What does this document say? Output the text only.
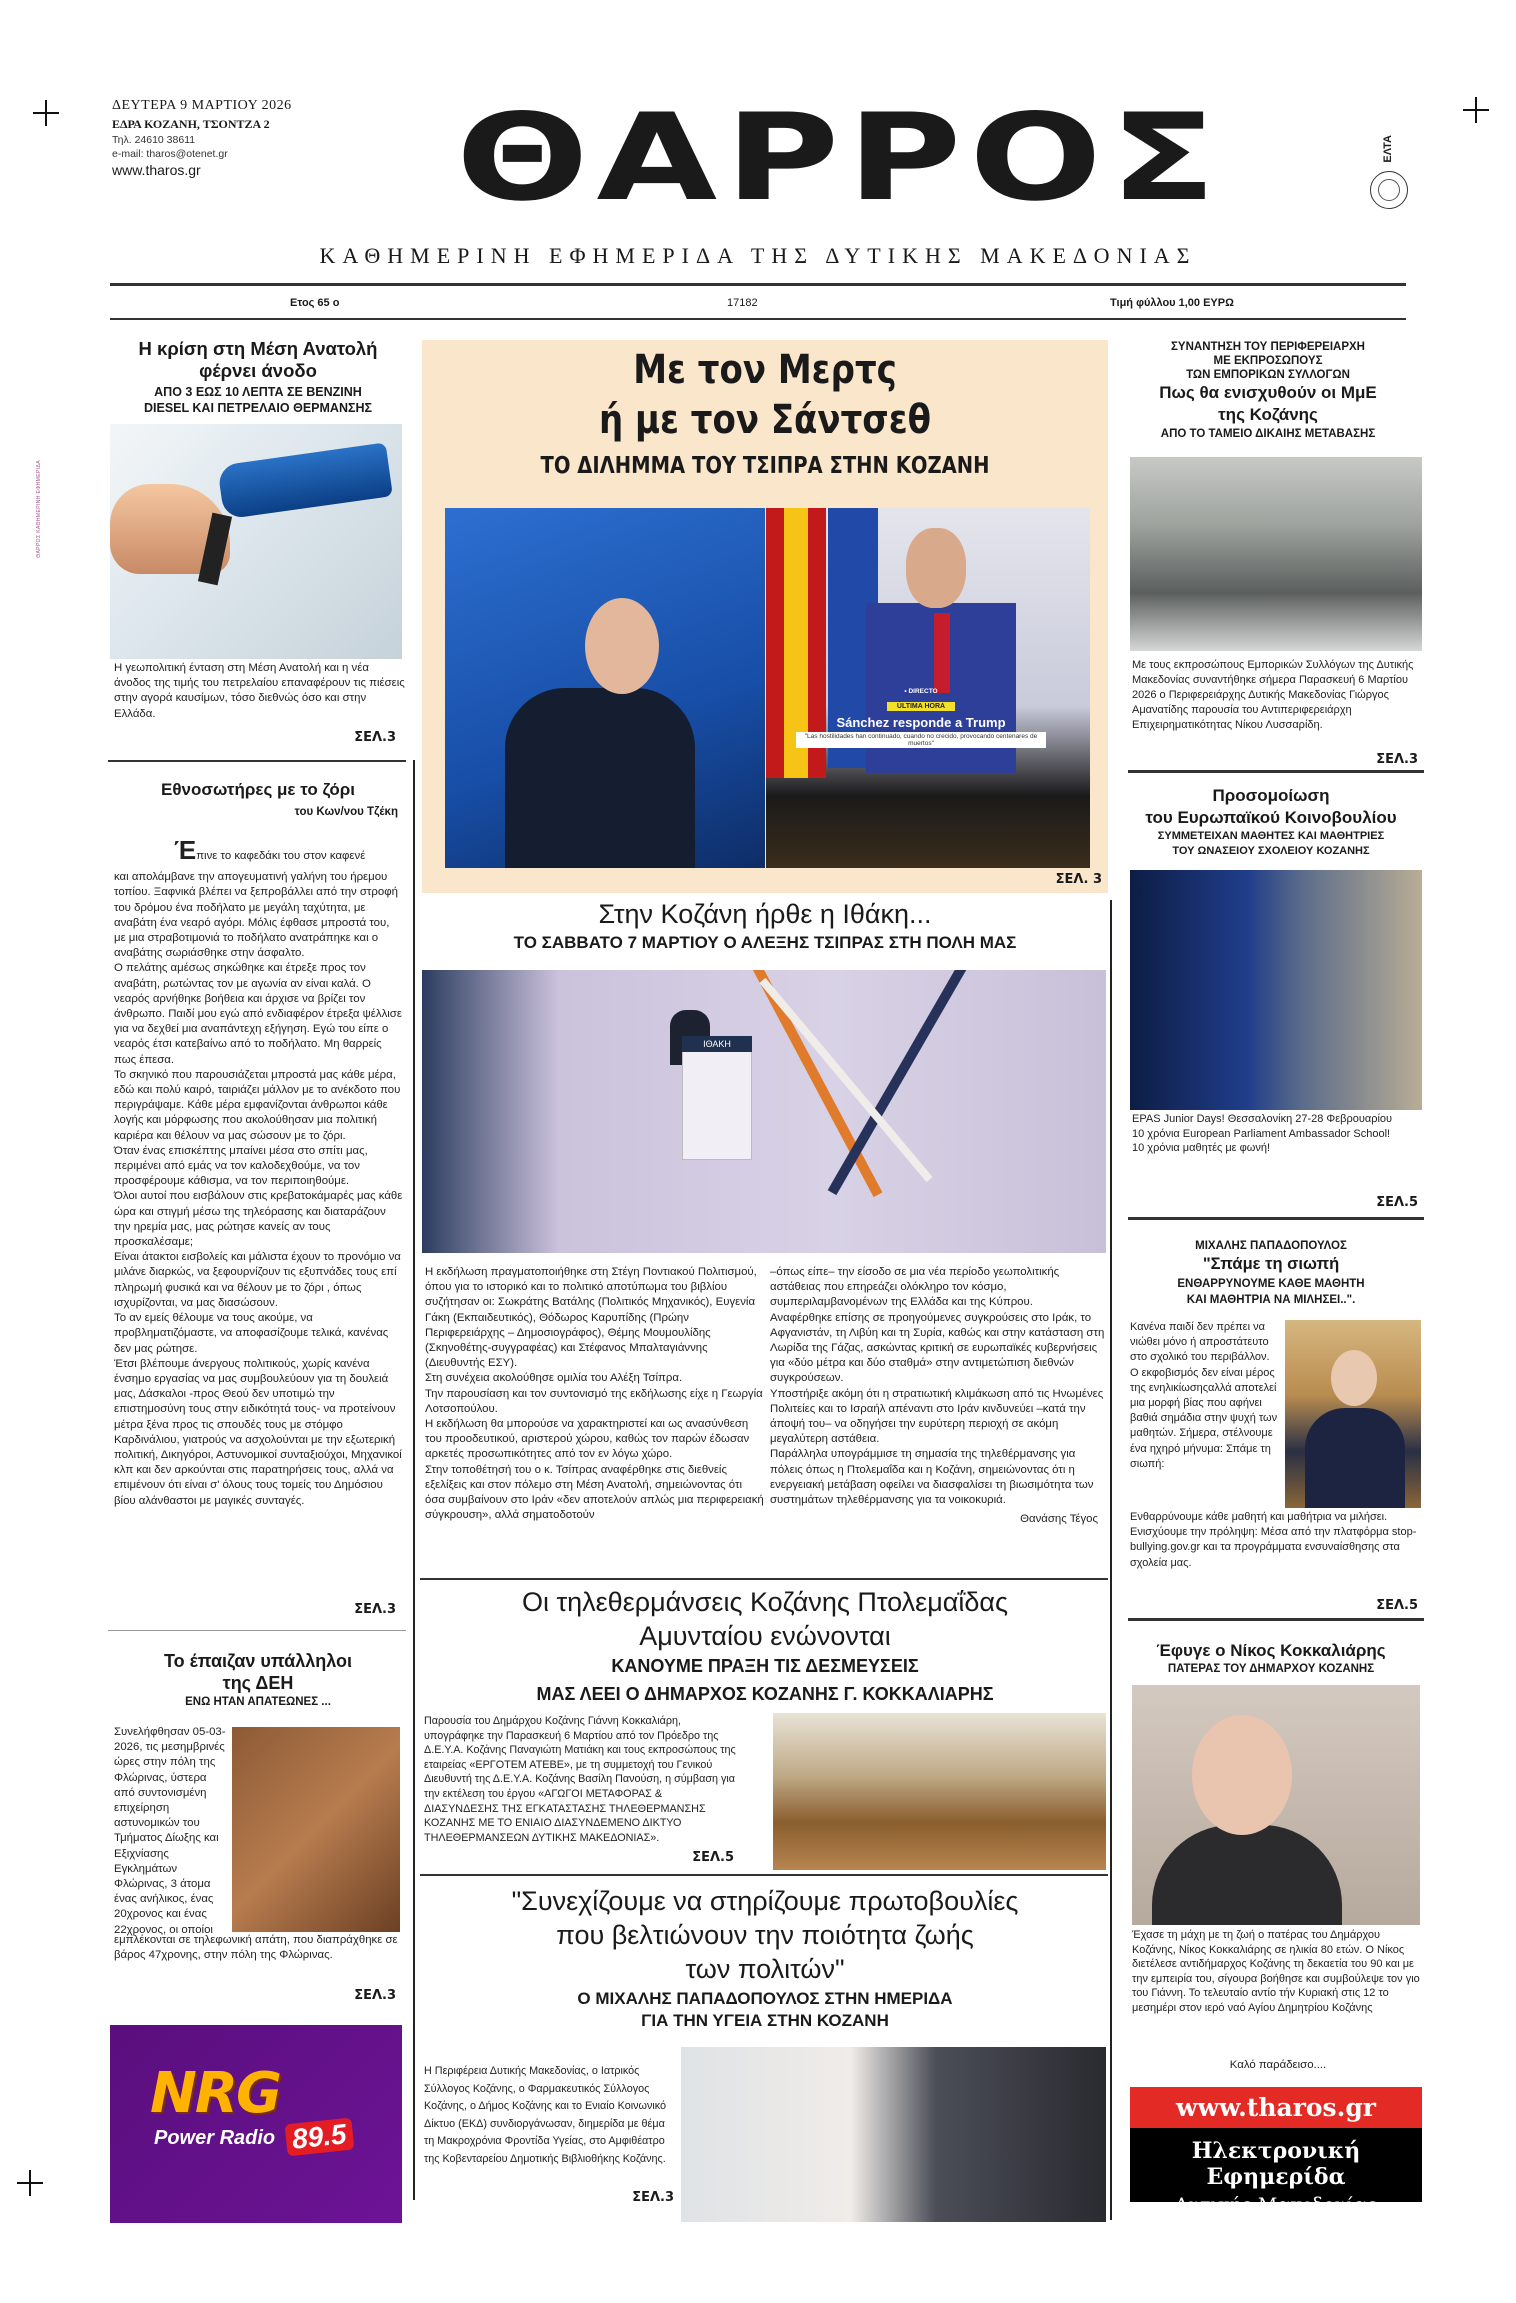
ΘΑΡΡΟΣ ΚΑΘΗΜΕΡΙΝΗ ΕΦΗΜΕΡΙΔΑ
ΔΕΥΤΕΡΑ 9 ΜΑΡΤΙΟΥ 2026
ΕΔΡΑ ΚΟΖΑΝΗ, ΤΣΟΝΤΖΑ 2
Τηλ. 24610 38611
e-mail: tharos@otenet.gr
www.tharos.gr	ΘΑΡΡΟΣ	ΕΛΤΑ
ΚΑΘΗΜΕΡΙΝΗ ΕΦΗΜΕΡΙΔΑ ΤΗΣ ΔΥΤΙΚΗΣ ΜΑΚΕΔΟΝΙΑΣ
Ετος 65 ο	17182	Τιμή φύλλου 1,00 ΕΥΡΩ
Η κρίση στη Μέση Ανατολή φέρνει άνοδο
ΑΠΟ 3 ΕΩΣ 10 ΛΕΠΤΑ ΣΕ ΒΕΝΖΙΝΗ
DIESEL ΚΑΙ ΠΕΤΡΕΛΑΙΟ ΘΕΡΜΑΝΣΗΣ
Η γεωπολιτική ένταση στη Μέση Ανατολή και η νέα άνοδος της τιμής του πετρελαίου επαναφέρουν τις πιέσεις στην αγορά καυσίμων, τόσο διεθνώς όσο και στην Ελλάδα.
ΣΕΛ.3
Εθνοσωτήρες με το ζόρι
του Κων/νου Τζέκη
Έπινε το καφεδάκι του στον καφενέ
και απολάμβανε την απογευματινή γαλήνη του ήρεμου τοπίου. Ξαφνικά βλέπει να ξεπροβάλλει από την στροφή του δρόμου ένα ποδήλατο με μεγάλη ταχύτητα, με αναβάτη ένα νεαρό αγόρι. Μόλις έφθασε μπροστά του, με μια στραβοτιμονιά το ποδήλατο ανατράπηκε και ο αναβάτης σωριάσθηκε στην άσφαλτο.
Ο πελάτης αμέσως σηκώθηκε και έτρεξε προς τον αναβάτη, ρωτώντας τον με αγωνία αν είναι καλά. Ο νεαρός αρνήθηκε βοήθεια και άρχισε να βρίζει τον άνθρωπο. Παιδί μου εγώ από ενδιαφέρον έτρεξα ψέλλισε για να δεχθεί μια αναπάντεχη εξήγηση. Εγώ του είπε ο νεαρός έτσι κατεβαίνω από το ποδήλατο. Μη θαρρείς πως έπεσα.
Το σκηνικό που παρουσιάζεται μπροστά μας κάθε μέρα, εδώ και πολύ καιρό, ταιριάζει μάλλον με το ανέκδοτο που περιγράψαμε. Κάθε μέρα εμφανίζονται άνθρωποι κάθε λογής και μόρφωσης που ακολούθησαν μια πολιτική καριέρα και θέλουν να μας σώσουν με το ζόρι.
Όταν ένας επισκέπτης μπαίνει μέσα στο σπίτι μας, περιμένει από εμάς να τον καλοδεχθούμε, να τον προσφέρουμε κάθισμα, να τον περιποιηθούμε.
Όλοι αυτοί που εισβάλουν στις κρεβατοκάμαρές μας κάθε ώρα και στιγμή μέσω της τηλεόρασης και διαταράζουν την ηρεμία μας, μας ρώτησε κανείς αν τους προσκαλέσαμε;
Είναι άτακτοι εισβολείς και μάλιστα έχουν το προνόμιο να μιλάνε διαρκώς, να ξεφουρνίζουν τις εξυπνάδες τους επί πληρωμή φυσικά και να θέλουν με το ζόρι , όπως ισχυρίζονται, να μας διασώσουν.
Το αν εμείς θέλουμε να τους ακούμε, να προβληματιζόμαστε, να αποφασίζουμε τελικά, κανένας δεν μας ρώτησε.
Έτσι βλέπουμε άνεργους πολιτικούς, χωρίς κανένα ένσημο εργασίας να μας συμβουλεύουν για τη δουλειά μας, Δάσκαλοι -προς Θεού δεν υποτιμώ την επιστημοσύνη τους στην ειδικότητά τους- να προτείνουν μέτρα ξένα προς τις σπουδές τους με στόμφο Καρδινάλιου, γιατρούς να ασχολούνται με την εξωτερική πολιτική, Δικηγόροι, Αστυνομικοί συνταξιούχοι, Μηχανικοί κλπ και δεν αρκούνται στις παρατηρήσεις τους, αλλά να επιμένουν ότι είναι σ' όλους τους τομείς του Δημόσιου βίου αλάνθαστοι με μαγικές συνταγές.
ΣΕΛ.3
Το έπαιζαν υπάλληλοι
της ΔΕΗ
ΕΝΩ ΗΤΑΝ ΑΠΑΤΕΩΝΕΣ ...
Συνελήφθησαν 05-03-2026, τις μεσημβρινές ώρες στην πόλη της Φλώρινας, ύστερα από συντονισμένη επιχείρηση αστυνομικών του Τμήματος Δίωξης και Εξιχνίασης Εγκλημάτων Φλώρινας, 3 άτομα ένας ανήλικος, ένας 20χρονος και ένας 22χρονος, οι οποίοι
εμπλέκονται σε τηλεφωνική απάτη, που διαπράχθηκε σε βάρος 47χρονης, στην πόλη της Φλώρινας.
ΣΕΛ.3
NRG
Power Radio 89.5
Με τον Μερτς
ή με τον Σάντσεθ
ΤΟ ΔΙΛΗΜΜΑ ΤΟΥ ΤΣΙΠΡΑ ΣΤΗΝ ΚΟΖΑΝΗ
• DIRECTO
ÚLTIMA HORA
Sánchez responde a Trump
"Las hostilidades han continuado, cuando no crecido, provocando centenares de muertos"
ΣΕΛ. 3
Στην Κοζάνη ήρθε η Ιθάκη...
ΤΟ ΣΑΒΒΑΤΟ 7 ΜΑΡΤΙΟΥ Ο ΑΛΕΞΗΣ ΤΣΙΠΡΑΣ ΣΤΗ ΠΟΛΗ ΜΑΣ
ΙΘΑΚΗ
Η εκδήλωση πραγματοποιήθηκε στη Στέγη Ποντιακού Πολιτισμού, όπου για το ιστορικό και το πολιτικό αποτύπωμα του βιβλίου συζήτησαν οι: Σωκράτης Βατάλης (Πολιτικός Μηχανικός), Ευγενία Γάκη (Εκπαιδευτικός), Θόδωρος Καρυπίδης (Πρώην Περιφερειάρχης – Δημοσιογράφος), Θέμης Μουμουλίδης (Σκηνοθέτης-συγγραφέας) και Στέφανος Μπαλταγιάννης (Διευθυντής ΕΣΥ).
Στη συνέχεια ακολούθησε ομιλία του Αλέξη Τσίπρα.
Την παρουσίαση και τον συντονισμό της εκδήλωσης είχε η Γεωργία Λοτσοπούλου.
Η εκδήλωση θα μπορούσε να χαρακτηριστεί και ως ανασύνθεση του προοδευτικού, αριστερού χώρου, καθώς τον παρών έδωσαν αρκετές προσωπικότητες από τον εν λόγω χώρο.
Στην τοποθέτησή του ο κ. Τσίπρας αναφέρθηκε στις διεθνείς εξελίξεις και στον πόλεμο στη Μέση Ανατολή, σημειώνοντας ότι όσα συμβαίνουν στο Ιράν «δεν αποτελούν απλώς μια περιφερειακή σύγκρουση», αλλά σηματοδοτούν
–όπως είπε– την είσοδο σε μια νέα περίοδο γεωπολιτικής αστάθειας που επηρεάζει ολόκληρο τον κόσμο, συμπεριλαμβανομένων της Ελλάδα και της Κύπρου.
Αναφέρθηκε επίσης σε προηγούμενες συγκρούσεις στο Ιράκ, το Αφγανιστάν, τη Λιβύη και τη Συρία, καθώς και στην κατάσταση στη Λωρίδα της Γάζας, ασκώντας κριτική σε ευρωπαϊκές κυβερνήσεις για «δύο μέτρα και δύο σταθμά» στην αντιμετώπιση διεθνών συγκρούσεων.
Υποστήριξε ακόμη ότι η στρατιωτική κλιμάκωση από τις Ηνωμένες Πολιτείες και το Ισραήλ απέναντι στο Ιράν κινδυνεύει –κατά την άποψή του– να οδηγήσει την ευρύτερη περιοχή σε ακόμη μεγαλύτερη αστάθεια.
Παράλληλα υπογράμμισε τη σημασία της τηλεθέρμανσης για πόλεις όπως η Πτολεμαΐδα και η Κοζάνη, σημειώνοντας ότι η ενεργειακή μετάβαση οφείλει να διασφαλίσει τη βιωσιμότητα των συστημάτων τηλεθέρμανσης για τα νοικοκυριά.
Θανάσης Τέγος
Οι τηλεθερμάνσεις Κοζάνης Πτολεμαΐδας
Αμυνταίου ενώνονται
ΚΑΝΟΥΜΕ ΠΡΑΞΗ ΤΙΣ ΔΕΣΜΕΥΣΕΙΣ
ΜΑΣ ΛΕΕΙ Ο ΔΗΜΑΡΧΟΣ ΚΟΖΑΝΗΣ Γ. ΚΟΚΚΑΛΙΑΡΗΣ
Παρουσία του Δημάρχου Κοζάνης Γιάννη Κοκκαλιάρη, υπογράφηκε την Παρασκευή 6 Μαρτίου από τον Πρόεδρο της Δ.Ε.Υ.Α. Κοζάνης Παναγιώτη Ματιάκη και τους εκπροσώπους της εταιρείας «ΕΡΓΟΤΕΜ ΑΤΕΒΕ», με τη συμμετοχή του Γενικού Διευθυντή της Δ.Ε.Υ.Α. Κοζάνης Βασίλη Πανούση, η σύμβαση για την εκτέλεση του έργου «ΑΓΩΓΟΙ ΜΕΤΑΦΟΡΑΣ & ΔΙΑΣΥΝΔΕΣΗΣ ΤΗΣ ΕΓΚΑΤΑΣΤΑΣΗΣ ΤΗΛΕΘΕΡΜΑΝΣΗΣ ΚΟΖΑΝΗΣ ΜΕ ΤΟ ΕΝΙΑΙΟ ΔΙΑΣΥΝΔΕΜΕΝΟ ΔΙΚΤΥΟ ΤΗΛΕΘΕΡΜΑΝΣΕΩΝ ΔΥΤΙΚΗΣ ΜΑΚΕΔΟΝΙΑΣ».
ΣΕΛ.5
"Συνεχίζουμε να στηρίζουμε πρωτοβουλίες
που βελτιώνουν την ποιότητα ζωής
των πολιτών"
Ο ΜΙΧΑΛΗΣ ΠΑΠΑΔΟΠΟΥΛΟΣ ΣΤΗΝ ΗΜΕΡΙΔΑ
ΓΙΑ ΤΗΝ ΥΓΕΙΑ ΣΤΗΝ ΚΟΖΑΝΗ
Η Περιφέρεια Δυτικής Μακεδονίας, ο Ιατρικός Σύλλογος Κοζάνης, ο Φαρμακευτικός Σύλλογος Κοζάνης, ο Δήμος Κοζάνης και το Ενιαίο Κοινωνικό Δίκτυο (ΕΚΔ) συνδιοργάνωσαν, διημερίδα με θέμα τη Μακροχρόνια Φροντίδα Υγείας, στο Αμφιθέατρο της Κοβενταρείου Δημοτικής Βιβλιοθήκης Κοζάνης.
ΣΕΛ.3
ΣΥΝΑΝΤΗΣΗ ΤΟΥ ΠΕΡΙΦΕΡΕΙΑΡΧΗ
ΜΕ ΕΚΠΡΟΣΩΠΟΥΣ
ΤΩΝ ΕΜΠΟΡΙΚΩΝ ΣΥΛΛΟΓΩΝ
Πως θα ενισχυθούν οι ΜμΕ
της Κοζάνης
ΑΠΟ ΤΟ ΤΑΜΕΙΟ ΔΙΚΑΙΗΣ ΜΕΤΑΒΑΣΗΣ
Με τους εκπροσώπους Εμπορικών Συλλόγων της Δυτικής Μακεδονίας συναντήθηκε σήμερα Παρασκευή 6 Μαρτίου 2026 ο Περιφερειάρχης Δυτικής Μακεδονίας Γιώργος Αμανατίδης παρουσία του Αντιπεριφερειάρχη Επιχειρηματικότητας Νίκου Λυσσαρίδη.
ΣΕΛ.3
Προσομοίωση
του Ευρωπαϊκού Κοινοβουλίου
ΣΥΜΜΕΤΕΙΧΑΝ ΜΑΘΗΤΕΣ ΚΑΙ ΜΑΘΗΤΡΙΕΣ
ΤΟΥ ΩΝΑΣΕΙΟΥ ΣΧΟΛΕΙΟΥ ΚΟΖΑΝΗΣ
EPAS Junior Days! Θεσσαλονίκη 27-28 Φεβρουαρίου
10 χρόνια European Parliament Ambassador School!
10 χρόνια μαθητές με φωνή!
ΣΕΛ.5
ΜΙΧΑΛΗΣ ΠΑΠΑΔΟΠΟΥΛΟΣ
"Σπάμε τη σιωπή
ΕΝΘΑΡΡΥΝΟΥΜΕ ΚΑΘΕ ΜΑΘΗΤΗ
ΚΑΙ ΜΑΘΗΤΡΙΑ ΝΑ ΜΙΛΗΣΕΙ..".
Κανένα παιδί δεν πρέπει να νιώθει μόνο ή απροστάτευτο στο σχολικό του περιβάλλον. Ο εκφοβισμός δεν είναι μέρος της ενηλικίωσηςαλλά αποτελεί μια μορφή βίας που αφήνει βαθιά σημάδια στην ψυχή των μαθητών. Σήμερα, στέλνουμε ένα ηχηρό μήνυμα: Σπάμε τη σιωπή:
Ενθαρρύνουμε κάθε μαθητή και μαθήτρια να μιλήσει. Ενισχύουμε την πρόληψη: Μέσα από την πλατφόρμα stop-bullying.gov.gr και τα προγράμματα ενσυναίσθησης στα σχολεία μας.
ΣΕΛ.5
Έφυγε ο Νίκος Κοκκαλιάρης
ΠΑΤΕΡΑΣ ΤΟΥ ΔΗΜΑΡΧΟΥ ΚΟΖΑΝΗΣ
Έχασε τη μάχη με τη ζωή ο πατέρας του Δημάρχου Κοζάνης, Νίκος Κοκκαλιάρης σε ηλικία 80 ετών. Ο Νίκος διετέλεσε αντιδήμαρχος Κοζάνης τη δεκαετία του 90 και με την εμπειρία του, σίγουρα βοήθησε και συμβούλεψε τον γιο του Γιάννη. Το τελευταίο αντίο τήν Κυριακή στις 12 το μεσημέρι στον ιερό ναό Αγίου Δημητρίου Κοζάνης
Καλό παράδεισο....
www.tharos.gr
Ηλεκτρονική Εφημερίδα
Δυτικής Μακεδονίας
